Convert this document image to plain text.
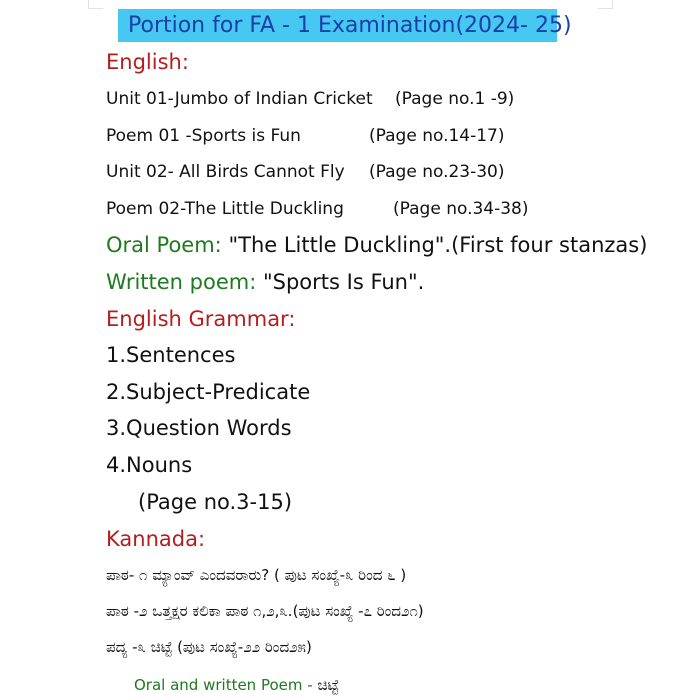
Portion for FA - 1 Examination(2024- 25)
English:
Unit 01-Jumbo of Indian Cricket (Page no.1 -9)
Poem 01 -Sports is Fun	(Page no.14-17)
Unit 02- All Birds Cannot Fly (Page no.23-30)
Poem 02-The Little Duckling	(Page no.34-38)
Oral Poem: "The Little Duckling".(First four stanzas)
Written poem: "Sports Is Fun".
English Grammar:
1.Sentences
2.Subject-Predicate
3.Question Words
4.Nouns
(Page no.3-15)
Kannada:
ಪಾಠ- ೧ ಮ್ಯಾಂವ್ ಎಂದವರಾರು? ( ಪುಟ ಸಂಖ್ಯೆ-೩ ರಿಂದ ೬ )
ಪಾಠ -೨ ಒತ್ತಕ್ಷರ ಕಲಿಕಾ ಪಾಠ ೧,೨,೩.(ಪುಟ ಸಂಖ್ಯೆ -೭ ರಿಂದ೨೧)
ಪದ್ಯ -೩ ಚಿಟ್ಟೆ (ಪುಟ ಸಂಖ್ಯೆ-೨೨ ರಿಂದ೨೫)
Oral and written Poem - ಚಿಟ್ಟೆ
